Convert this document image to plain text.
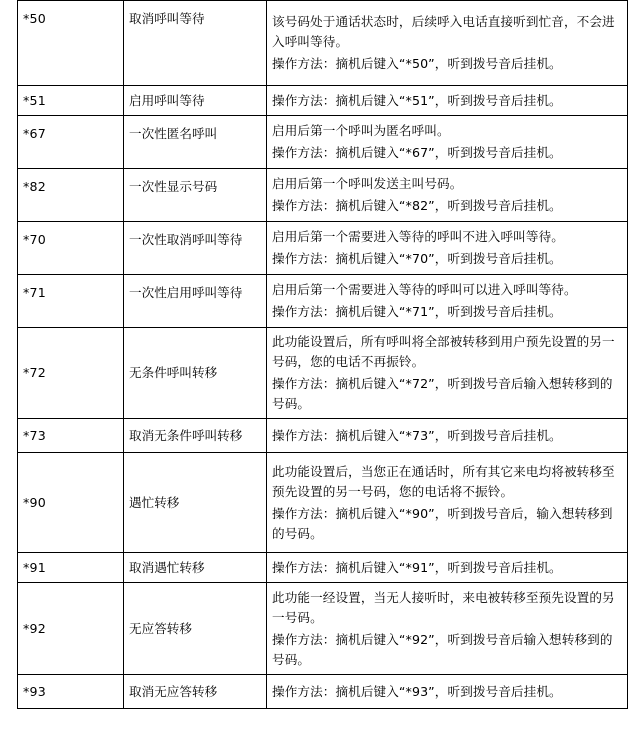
*50	取消呼叫等待	该号码处于通话状态时，后续呼入电话直接听到忙音，不会进入呼叫等待。
操作方法：摘机后键入“*50”，听到拨号音后挂机。

*51	启用呼叫等待	操作方法：摘机后键入“*51”，听到拨号音后挂机。

*67	一次性匿名呼叫	启用后第一个呼叫为匿名呼叫。
操作方法：摘机后键入“*67”，听到拨号音后挂机。

*82	一次性显示号码	启用后第一个呼叫发送主叫号码。
操作方法：摘机后键入“*82”，听到拨号音后挂机。

*70	一次性取消呼叫等待	启用后第一个需要进入等待的呼叫不进入呼叫等待。
操作方法：摘机后键入“*70”，听到拨号音后挂机。

*71	一次性启用呼叫等待	启用后第一个需要进入等待的呼叫可以进入呼叫等待。
操作方法：摘机后键入“*71”，听到拨号音后挂机。

*72	无条件呼叫转移	此功能设置后，所有呼叫将全部被转移到用户预先设置的另一号码，您的电话不再振铃。
操作方法：摘机后键入“*72”，听到拨号音后输入想转移到的号码。

*73	取消无条件呼叫转移	操作方法：摘机后键入“*73”，听到拨号音后挂机。

*90	遇忙转移	此功能设置后，当您正在通话时，所有其它来电均将被转移至预先设置的另一号码，您的电话将不振铃。
操作方法：摘机后键入“*90”，听到拨号音后，输入想转移到的号码。

*91	取消遇忙转移	操作方法：摘机后键入“*91”，听到拨号音后挂机。

*92	无应答转移	此功能一经设置，当无人接听时，来电被转移至预先设置的另一号码。
操作方法：摘机后键入“*92”，听到拨号音后输入想转移到的号码。

*93	取消无应答转移	操作方法：摘机后键入“*93”，听到拨号音后挂机。
